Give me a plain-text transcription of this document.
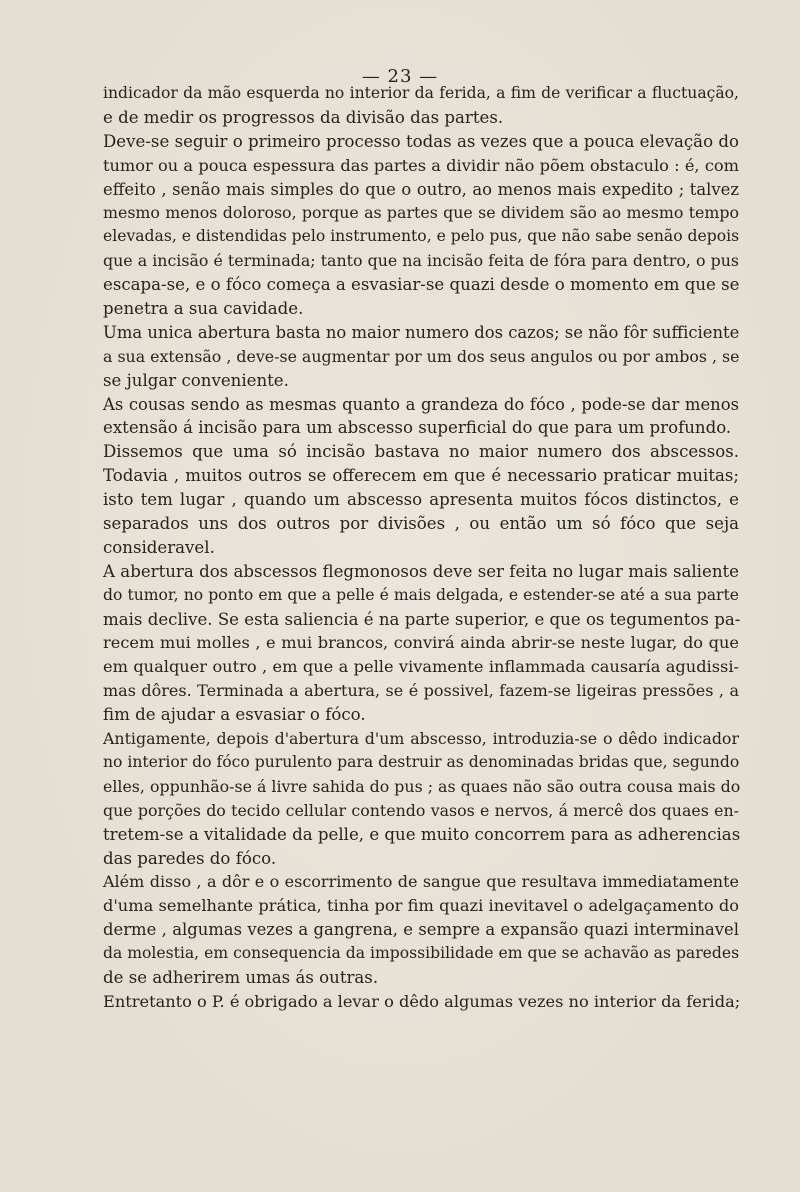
— 23 —
indicador da mão esquerda no interior da ferida, a fim de verificar a fluctuação,
e de medir os progressos da divisão das partes.
Deve-se seguir o primeiro processo todas as vezes que a pouca elevação do
tumor ou a pouca espessura das partes a dividir não põem obstaculo : é, com
effeito , senão mais simples do que o outro, ao menos mais expedito ; talvez
mesmo menos doloroso, porque as partes que se dividem são ao mesmo tempo
elevadas, e distendidas pelo instrumento, e pelo pus, que não sabe senão depois
que a incisão é terminada; tanto que na incisão feita de fóra para dentro, o pus
escapa-se, e o fóco começa a esvasiar-se quazi desde o momento em que se
penetra a sua cavidade.
Uma unica abertura basta no maior numero dos cazos; se não fôr sufficiente
a sua extensão , deve-se augmentar por um dos seus angulos ou por ambos , se
se julgar conveniente.
As cousas sendo as mesmas quanto a grandeza do fóco , pode-se dar menos
extensão á incisão para um abscesso superficial do que para um profundo.
Dissemos que uma só incisão bastava no maior numero dos abscessos.
Todavia , muitos outros se offerecem em que é necessario praticar muitas;
isto tem lugar , quando um abscesso apresenta muitos fócos distinctos, e
separados uns dos outros por divisões , ou então um só fóco que seja
consideravel.
A abertura dos abscessos flegmonosos deve ser feita no lugar mais saliente
do tumor, no ponto em que a pelle é mais delgada, e estender-se até a sua parte
mais declive. Se esta saliencia é na parte superior, e que os tegumentos pa-
recem mui molles , e mui brancos, convirá ainda abrir-se neste lugar, do que
em qualquer outro , em que a pelle vivamente inflammada causaría agudissi-
mas dôres. Terminada a abertura, se é possivel, fazem-se ligeiras pressões , a
fim de ajudar a esvasiar o fóco.
Antigamente, depois d'abertura d'um abscesso, introduzia-se o dêdo indicador
no interior do fóco purulento para destruir as denominadas bridas que, segundo
elles, oppunhão-se á livre sahida do pus ; as quaes não são outra cousa mais do
que porções do tecido cellular contendo vasos e nervos, á mercê dos quaes en-
tretem-se a vitalidade da pelle, e que muito concorrem para as adherencias
das paredes do fóco.
Além disso , a dôr e o escorrimento de sangue que resultava immediatamente
d'uma semelhante prática, tinha por fim quazi inevitavel o adelgaçamento do
derme , algumas vezes a gangrena, e sempre a expansão quazi interminavel
da molestia, em consequencia da impossibilidade em que se achavão as paredes
de se adherirem umas ás outras.
Entretanto o P. é obrigado a levar o dêdo algumas vezes no interior da ferida;
